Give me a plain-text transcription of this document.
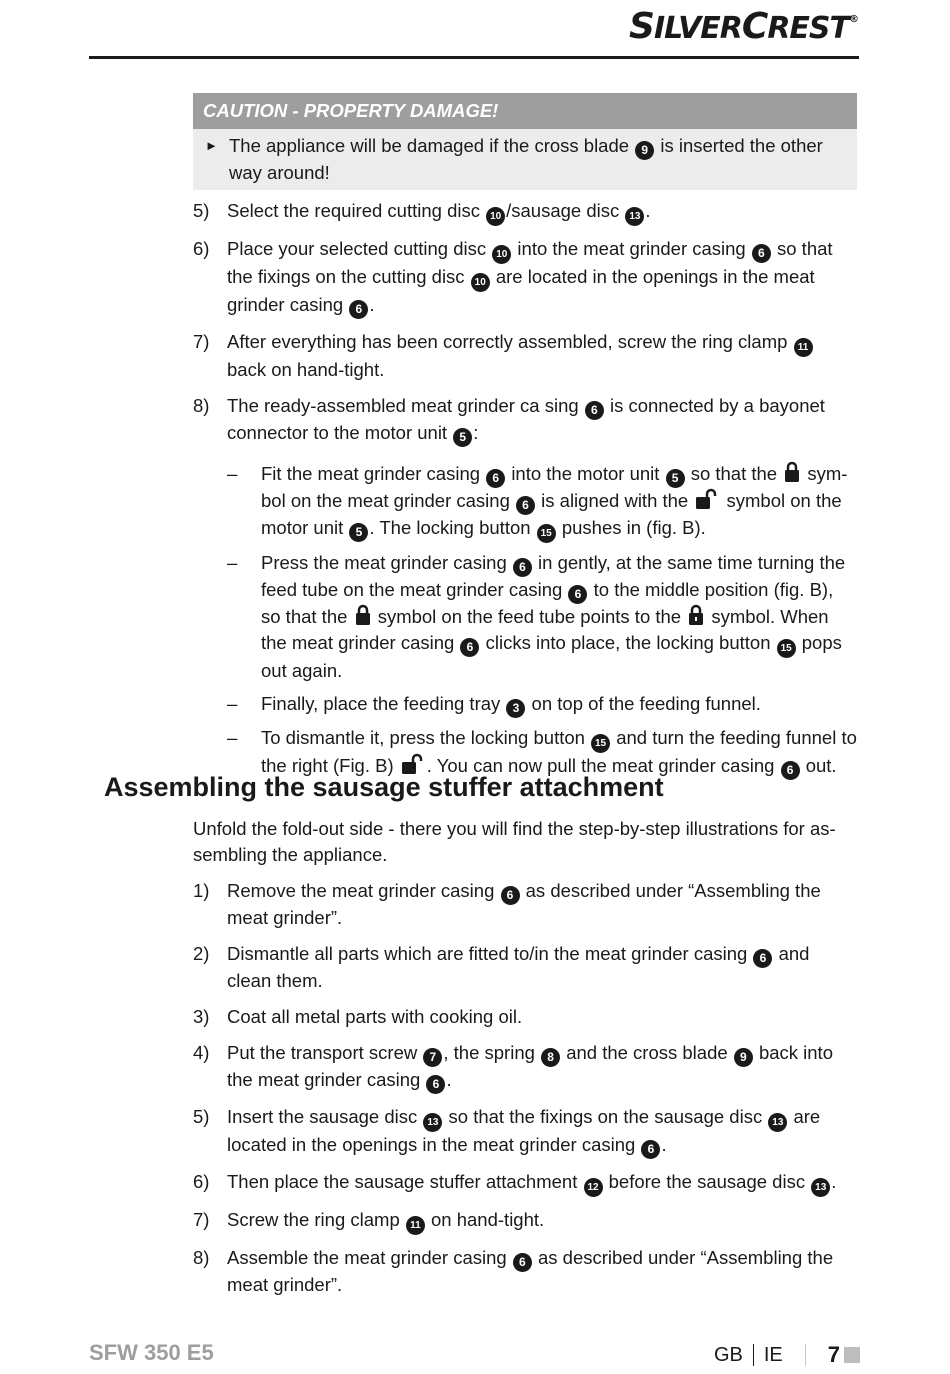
SILVERCREST®
CAUTION - PROPERTY DAMAGE!
► The appliance will be damaged if the cross blade 9 is inserted the other way around!
5) Select the required cutting disc 10 /sausage disc 13 .
6) Place your selected cutting disc 10 into the meat grinder casing 6 so that the fixings on the cutting disc 10 are located in the openings in the meat grinder casing 6 .
7) After everything has been correctly assembled, screw the ring clamp 11 back on hand-tight.
8) The ready-assembled meat grinder ca sing 6 is connected by a bayonet connector to the motor unit 5 :
–	Fit the meat grinder casing 6 into the motor unit 5 so that the sym-bol on the meat grinder casing 6 is aligned with the symbol on the motor unit 5 . The locking button 15 pushes in (fig. B).
–	Press the meat grinder casing 6 in gently, at the same time turning the feed tube on the meat grinder casing 6 to the middle position (fig. B), so that the symbol on the feed tube points to the symbol. When the meat grinder casing 6 clicks into place, the locking button 15 pops out again.
–	Finally, place the feeding tray 3 on top of the feeding funnel.
–	To dismantle it, press the locking button 15 and turn the feeding funnel to the right (Fig. B) . You can now pull the meat grinder casing 6 out.
Assembling the sausage stuffer attachment
Unfold the fold-out side - there you will find the step-by-step illustrations for as-sembling the appliance.
1) Remove the meat grinder casing 6 as described under “Assembling the meat grinder”.
2) Dismantle all parts which are fitted to/in the meat grinder casing 6 and clean them.
3) Coat all metal parts with cooking oil.
4) Put the transport screw 7 , the spring 8 and the cross blade 9 back into the meat grinder casing 6 .
5) Insert the sausage disc 13 so that the fixings on the sausage disc 13 are located in the openings in the meat grinder casing 6 .
6) Then place the sausage stuffer attachment 12 before the sausage disc 13 .
7) Screw the ring clamp 11 on hand-tight.
8) Assemble the meat grinder casing 6 as described under “Assembling the meat grinder”.
SFW 350 E5	GB IE 7
